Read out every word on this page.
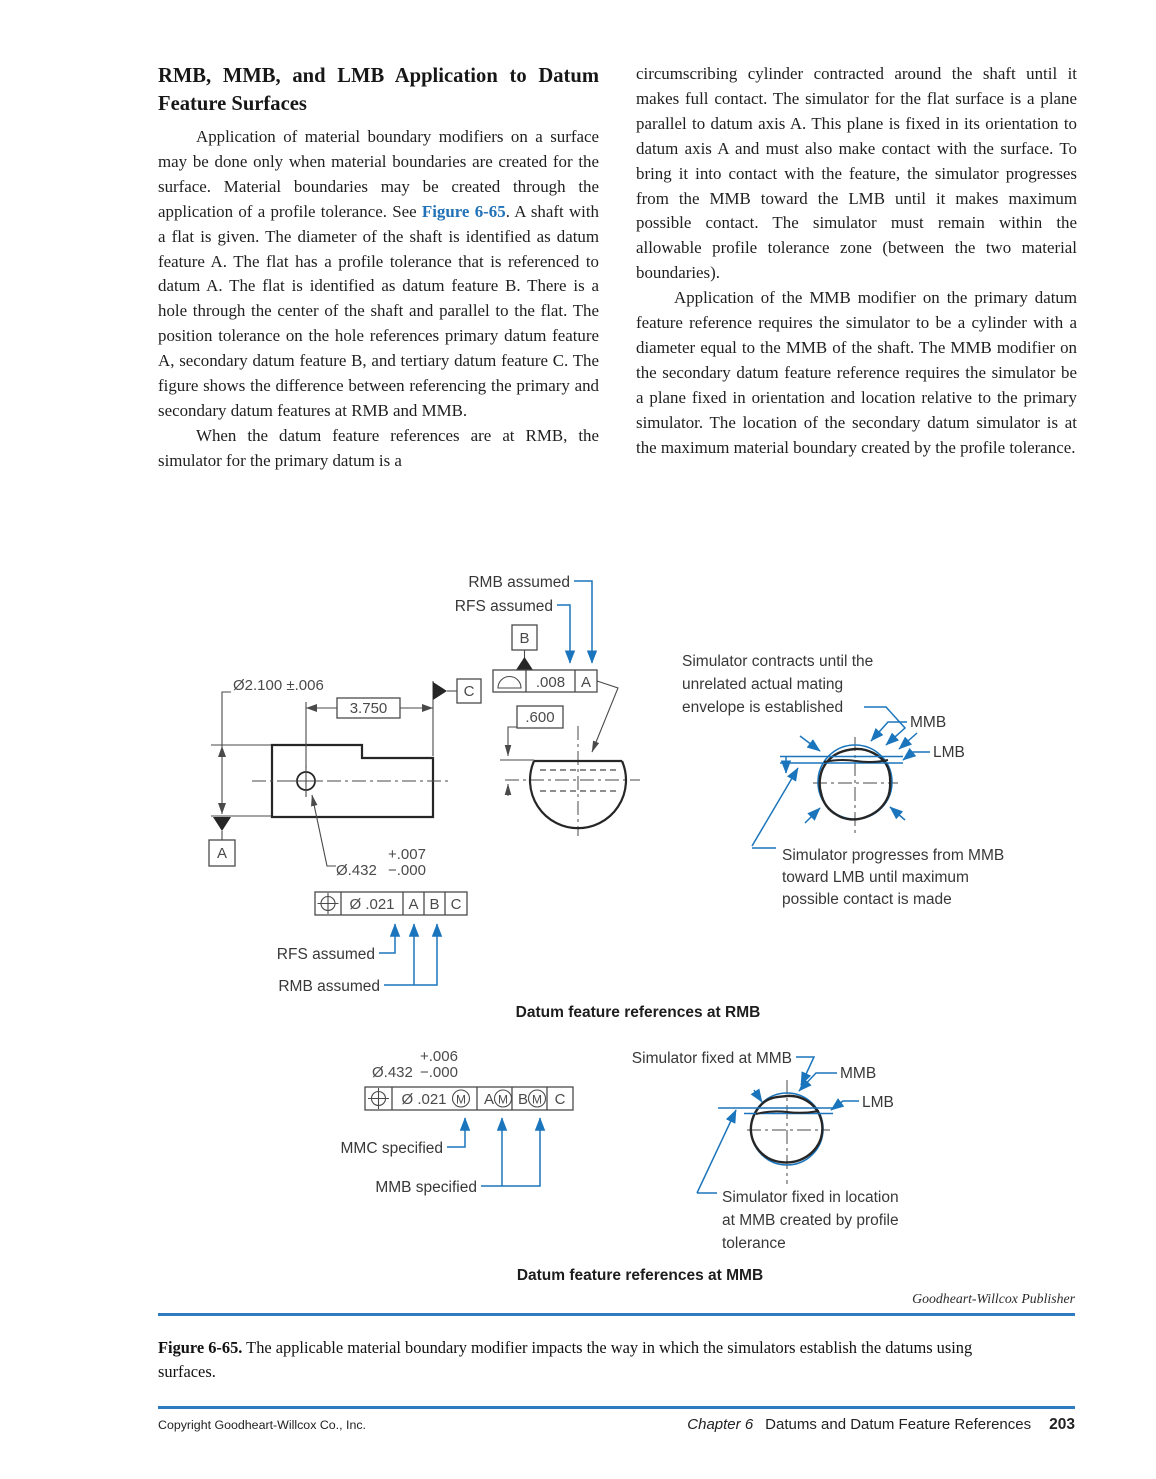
RMB, MMB, and LMB Application to Datum Feature Surfaces

Application of material boundary modifiers on a surface may be done only when material boundaries are created for the surface. Material boundaries may be created through the application of a profile tolerance. See Figure 6-65. A shaft with a flat is given. The diameter of the shaft is identified as datum feature A. The flat has a profile tolerance that is referenced to datum A. The flat is identified as datum feature B. There is a hole through the center of the shaft and parallel to the flat. The position tolerance on the hole references primary datum feature A, secondary datum feature B, and tertiary datum feature C. The figure shows the difference between referencing the primary and secondary datum features at RMB and MMB.

When the datum feature references are at RMB, the simulator for the primary datum is a

circumscribing cylinder contracted around the shaft until it makes full contact. The simulator for the flat surface is a plane parallel to datum axis A. This plane is fixed in its orientation to datum axis A and must also make contact with the surface. To bring it into contact with the feature, the simulator progresses from the MMB toward the LMB until it makes maximum possible contact. The simulator must remain within the allowable profile tolerance zone (between the two material boundaries).

Application of the MMB modifier on the primary datum feature reference requires the simulator to be a cylinder with a diameter equal to the MMB of the shaft. The MMB modifier on the secondary datum feature reference requires the simulator be a plane fixed in orientation and location relative to the primary simulator. The location of the secondary datum simulator is at the maximum material boundary created by the profile tolerance.

RMB assumed
RFS assumed
B
.008 A
C
Ø2.100 ±.006
A
3.750
Ø.432
+.007
−.000
Ø .021 A B C
RFS assumed
RMB assumed
.600
Simulator contracts until the
unrelated actual mating
envelope is established
MMB
LMB
Simulator progresses from MMB
toward LMB until maximum
possible contact is made
Datum feature references at RMB
+.006
Ø.432 −.000
Ø .021 M A M B M C
MMC specified
MMB specified
Simulator fixed at MMB
MMB
LMB
Simulator fixed in location
at MMB created by profile
tolerance
Datum feature references at MMB
Goodheart-Willcox Publisher

Figure 6-65. The applicable material boundary modifier impacts the way in which the simulators establish the datums using surfaces.

Copyright Goodheart-Willcox Co., Inc.	Chapter 6 Datums and Datum Feature References 203
